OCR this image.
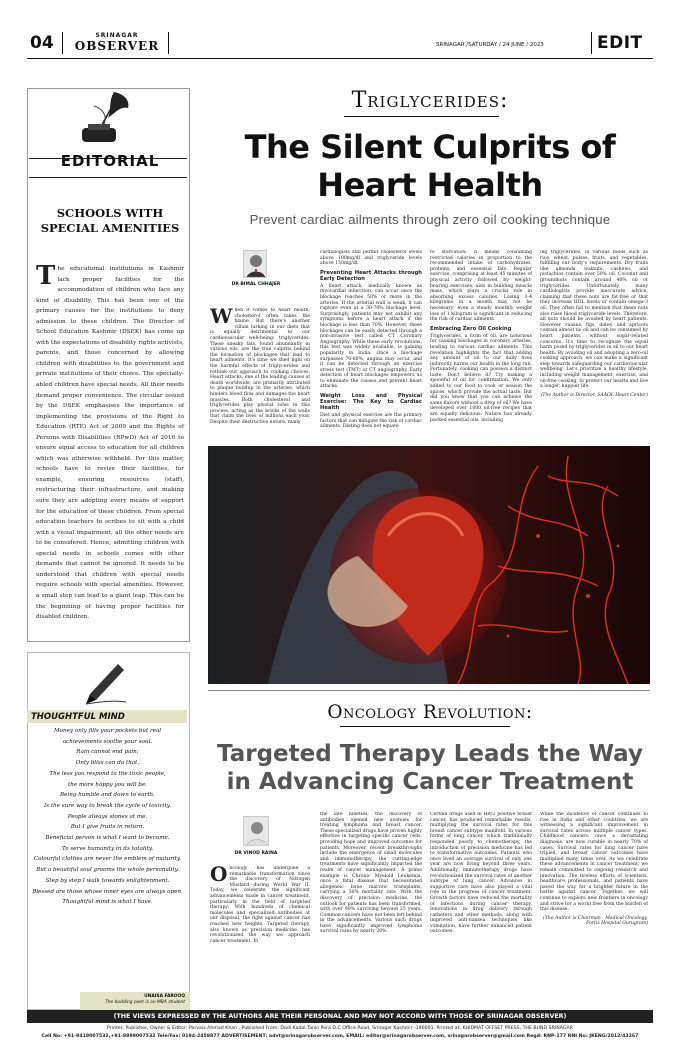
04	SRINAGAR
OBSERVER	SRINAGAR /SATURDAY / 24 JUNE / 2023	EDIT
EDITORIAL
SCHOOLS WITH SPECIAL AMENITIES
The educational institutions in Kashmir lack proper facilities for the accommodation of children who face any kind of disability. This has been one of the primary causes for the institutions to deny admission to these children. The Director of School Education Kashmir (DSEK) has come up with the expectations of disability rights activists, parents, and those concerned by allowing children with disabilities to the government and private institutions of their choice. The specially-abled children have special needs. All their needs demand proper convenience. The circular issued by the DSEK emphasises the importance of implementing the provisions of the Right to Education (RTE) Act of 2009 and the Rights of Persons with Disabilities (RPwD) Act of 2016 to ensure equal access to education for all children which was otherwise withheld. For this matter, schools have to revise their facilities, for example, ensuring resources (staff), restructuring their infrastructure, and making sure they are adopting every means of support for the education of these children. From special education teachers to scribes to sit with a child with a visual impairment, all the other needs are to be considered. Hence, admitting children with special needs in schools comes with other demands that cannot be ignored. It needs to be understood that children with special needs require schools with special amenities. However, a small step can lead to a giant leap. This can be the beginning of having proper facilities for disabled children.
THOUGHTFUL MIND
Money only fills your pockets but real
achievements soothe your soul.
Rain cannot end pain;
Only bliss can do that.
The less you respond to the toxic people,
the more happy you will be.
Being humble and down to earth.
Is the sure way to break the cycle of toxicity.
People always stones at me.
But I give fruits in return.
Beneficial person is what I want to become.
To serve humanity in its totality.
Colourful clothes are never the emblem of maturity.
But a beautiful soul grooms the whole personality.
Step by step I walk towards enlightenment.
Blessed are those whose inner eyes are always open.
Thoughtful mind is what I have.
UNAISA FAROOQ
The budding poet is an MBA student
Triglycerides:
The Silent Culprits of Heart Health
Prevent cardiac ailments through zero oil cooking technique
DR BIMAL CHHAJER
When it comes to heart health, cholesterol often takes the blame. But there's another villain lurking in our diets that is equally detrimental to our cardiovascular well-being: triglycerides. These sneaky fats, found abundantly in various oils, are the true culprits behind the formation of blockages that lead to heart ailments. It's time we shed light on the harmful effects of triglycerides and rethink our approach to cooking choices. Heart attacks, one of the leading causes of death worldwide, are primarily attributed to plaque buildup in the arteries, which hinders blood flow and damages the heart muscles. Both cholesterol and triglycerides play pivotal roles in this process, acting as the bricks of the walls that claim the lives of millions each year. Despite their destructive nature, many
cardiologists still permit cholesterol levels above 100mg/dl and triglyceride levels above 150mg/dl.
Preventing Heart Attacks through Early Detection
A heart attack, medically known as myocardial infarction, can occur once the blockage reaches 50% or more in the arteries. If the arterial wall is weak, it can rupture even at a 30-70% blockage level. Surprisingly, patients may not exhibit any symptoms before a heart attack if the blockage is less than 70%. However, these blockages can be easily detected through a non-invasive test called CT Coronary Angiography. While these early revolutions, this test was widely available, is gaining popularity in India. Once a blockage surpasses 70-80%, angina may occur, and it can be detected through an exercise stress test (TMT) or CT angiography. Early detection of heart blockages empowers us to eliminate the causes and prevent heart attacks.
Weight Loss and Physical Exercise: The Key to Cardiac Health
Diet and physical exercise are the primary factors that can mitigate the risk of cardiac ailments. Dieting does not equate
to starvation; it means consuming restricted calories in proportion to the recommended intake of carbohydrates, proteins, and essential fats. Regular exercise, comprising at least 45 minutes of physical activity followed by weight-bearing exercises, aids in building muscle mass, which plays a crucial role in absorbing excess calories. Losing 3-4 kilograms in a month may not be necessary; even a steady monthly weight loss of 1 kilogram is significant in reducing the risk of cardiac ailments.
Embracing Zero Oil Cooking
Triglycerides, a form of oil, are notorious for causing blockages in coronary arteries, leading to various cardiac ailments. This revelation highlights the fact that adding any amount of oil to our daily lives indirectly harms our health in the long run. Fortunately, cooking can possess a distinct taste. Don't believe it? Try making a spoonful of oil for confirmation. We only added to our food to cook or season the spices, which provide the actual taste. But did you know that you can achieve the same flavors without a drop of oil? We have developed over 1000 oil-free recipes that are equally delicious. Nature has already packed essential oils, including
ing triglycerides, in various foods such as rice, wheat, pulses, fruits, and vegetables, fulfilling our body's requirements. Dry fruits like almonds, walnuts, cashews, and pistachios contain over 50% oil. Coconut and groundnuts contain around 40% oil or triglycerides. Unfortunately, many cardiologists provide inaccurate advice, claiming that these nuts are fat-free or that they increase HDL levels or contain omega-3 oil. They often fail to mention that these nuts also raise blood triglyceride levels. Therefore, all nuts should be avoided by heart patients. However, raisins, figs, dates, and apricots contain almost no oil and can be consumed by heart patients without sugar-related concerns. It's time to recognize the equal harm posed by triglycerides in oil to our heart health. By avoiding oil and adopting a zero-oil cooking approach, we can make a significant step towards safeguarding our cardiovascular wellbeing. Let's prioritize a healthy lifestyle, including weight management, exercise, and oil-free cooking, to protect our hearts and live a longer, happier life.
(The Author is Director, SAAOL Heart Center)
Oncology Revolution:
Targeted Therapy Leads the Way in Advancing Cancer Treatment
DR VINOD RAINA
Oncology has undergone a remarkable transformation since the discovery of Nitrogen Mustard during World War II. Today, we celebrate the significant advancements made in cancer treatment, particularly in the field of targeted therapy. With hundreds of chemical molecules and specialized antibodies at our disposal, the fight against cancer has reached new heights. Targeted therapy, also known as precision medicine, has revolutionized the way we approach cancer treatment. In
the late nineties, the discovery of antibodies opened new avenues for treating lymphoma and breast cancer. These specialized drugs have proven highly effective in targeting specific cancer cells, providing hope and improved outcomes for patients. Moreover, recent breakthroughs include the emergence of small molecules and immunotherapy, the cutting-edge treatments have significantly impacted the realm of cancer management. A prime example is Chronic Myeloid Leukemia, once a fatal disease that necessitated allogeneic bone marrow transplants, carrying a 30% mortality rate. With the discovery of precision medicine, the outlook for patients has been transformed, with over 90% surviving beyond 25 years. Common cancers have not been left behind in the advancements. Various such drugs have significantly improved lymphoma survival rates by nearly 20%.
Certain drugs used in Her2 positive breast cancer, has produced remarkable results, multiplying the survival rates for this breast cancer subtype manifold. In various forms of lung cancer, which traditionally responded poorly to chemotherapy, the introduction of precision medicine has led to transformative outcomes. Patients who once lived an average survival of only one year are now living beyond three years. Additionally, immunotherapy drugs have revolutionized the survival rates of another subtype of lung cancer. Advances in supportive care have also played a vital role in the progress of cancer treatment. Growth factors have reduced the mortality of infections during cancer therapy. Innovations in drug delivery through catheters and other methods, along with improved anti-nausea techniques like vomitation, have further enhanced patient outcomes.
While the incidence of cancer continues to rise in India and other countries, we are witnessing a significant improvement in survival rates across multiple cancer types. Childhood cancers, once a devastating diagnosis, are now curable in nearly 70% of cases. Survival rates for lung cancer have tripled, and breast cancer outcomes have multiplied many times over. As we celebrate these advancements in cancer treatment, we remain committed to ongoing research and innovation. The tireless efforts of scientists, healthcare professionals, and patients have paved the way for a brighter future in the battle against cancer. Together, we will continue to explore new frontiers in oncology and strive for a world free from the burden of this disease.
(The Author is Chairman - Medical Oncology, Fortis Hospital Gurugram)
(THE VIEWS EXPRESSED BY THE AUTHORS ARE THEIR PERSONAL AND MAY NOT ACCORD WITH THOSE OF SRINAGAR OBSERVER)
Printer, Publisher, Owner & Editor: Parvaiz Ahmad Khan , Published From: Dodi Kadal Tanki Pora D.C Office Road, Srinagar Kashmir -190001, Printed at: KHIDMAT OFFSET PRESS, THE BUND SRINAGAR
Cell No: +91-9419007532,+91-8899007532 Tele/Fax: 0194-2458877 ADVERTISEMENT: advt@srinagarobserver.com, EMAIL: editor@srinagarobserver.com, srinagarobserver@gmail.com Regd: RNP-177 RNI No: JKENG/2012/43267
